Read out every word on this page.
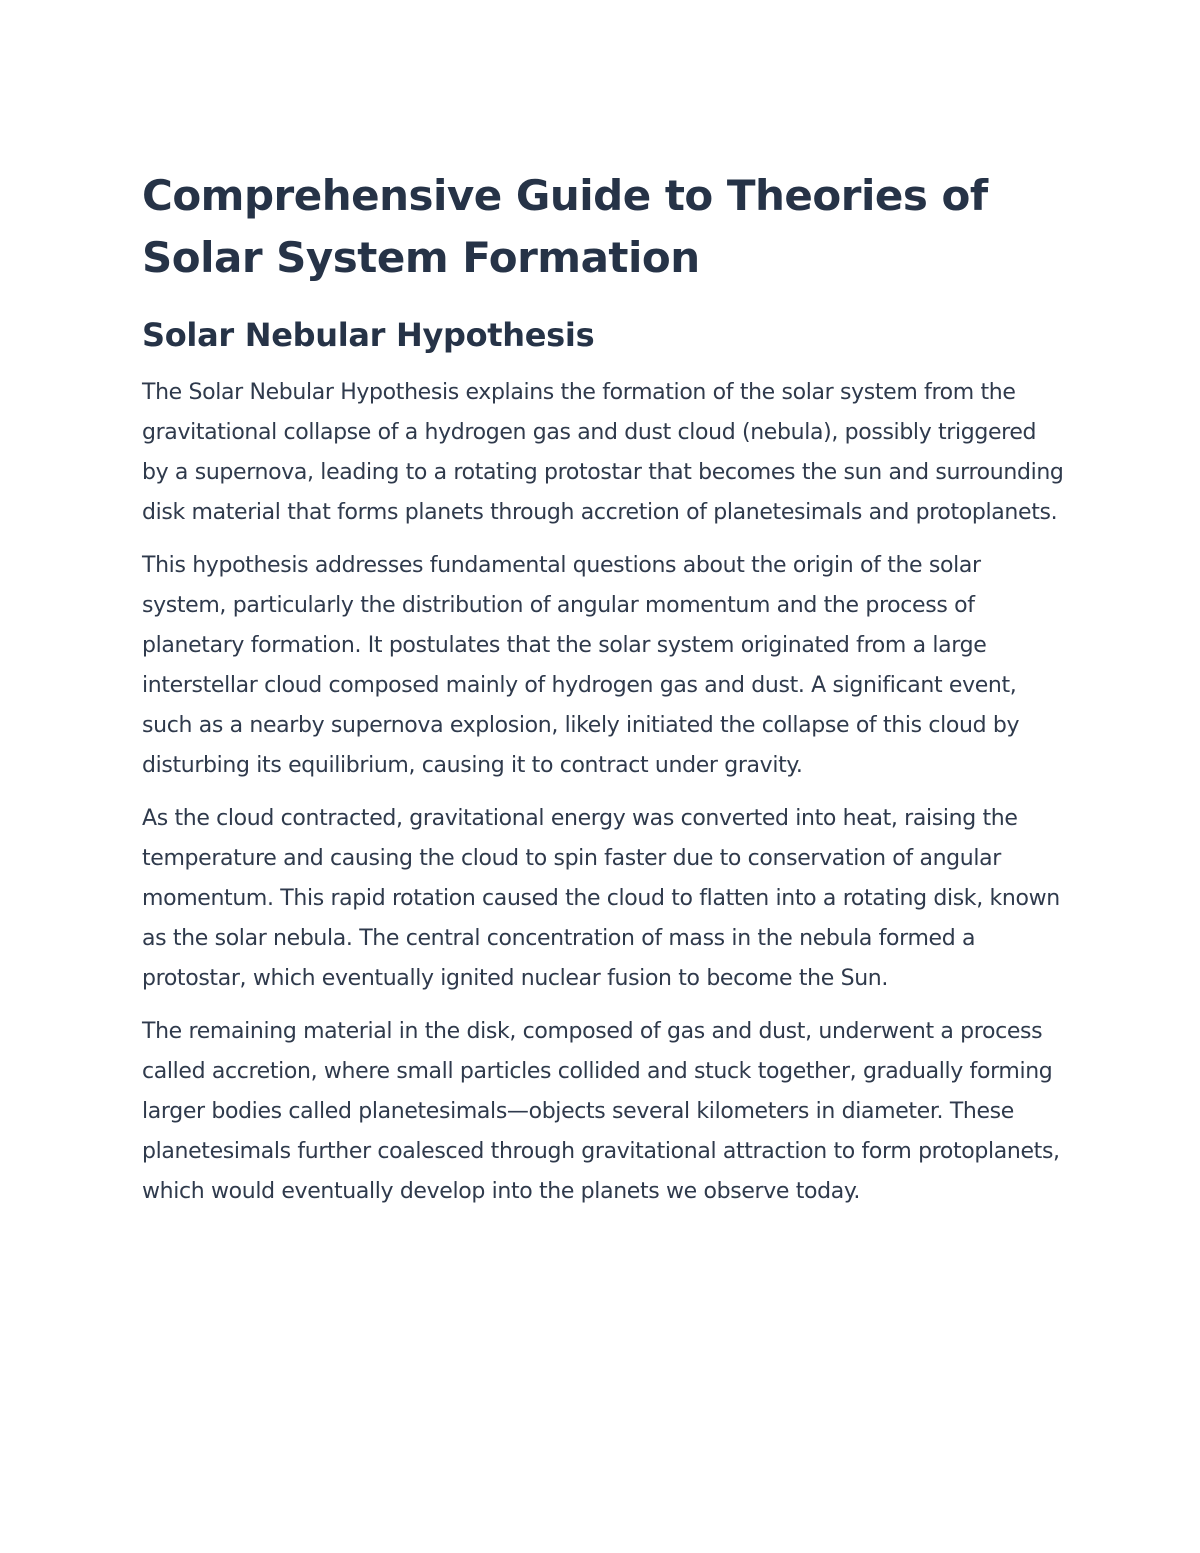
Comprehensive Guide to Theories of Solar System Formation
Solar Nebular Hypothesis

The Solar Nebular Hypothesis explains the formation of the solar system from the gravitational collapse of a hydrogen gas and dust cloud (nebula), possibly triggered by a supernova, leading to a rotating protostar that becomes the sun and surrounding disk material that forms planets through accretion of planetesimals and protoplanets.

This hypothesis addresses fundamental questions about the origin of the solar system, particularly the distribution of angular momentum and the process of planetary formation. It postulates that the solar system originated from a large interstellar cloud composed mainly of hydrogen gas and dust. A significant event, such as a nearby supernova explosion, likely initiated the collapse of this cloud by disturbing its equilibrium, causing it to contract under gravity.

As the cloud contracted, gravitational energy was converted into heat, raising the temperature and causing the cloud to spin faster due to conservation of angular momentum. This rapid rotation caused the cloud to flatten into a rotating disk, known as the solar nebula. The central concentration of mass in the nebula formed a protostar, which eventually ignited nuclear fusion to become the Sun.

The remaining material in the disk, composed of gas and dust, underwent a process called accretion, where small particles collided and stuck together, gradually forming larger bodies called planetesimals—objects several kilometers in diameter. These planetesimals further coalesced through gravitational attraction to form protoplanets, which would eventually develop into the planets we observe today.
